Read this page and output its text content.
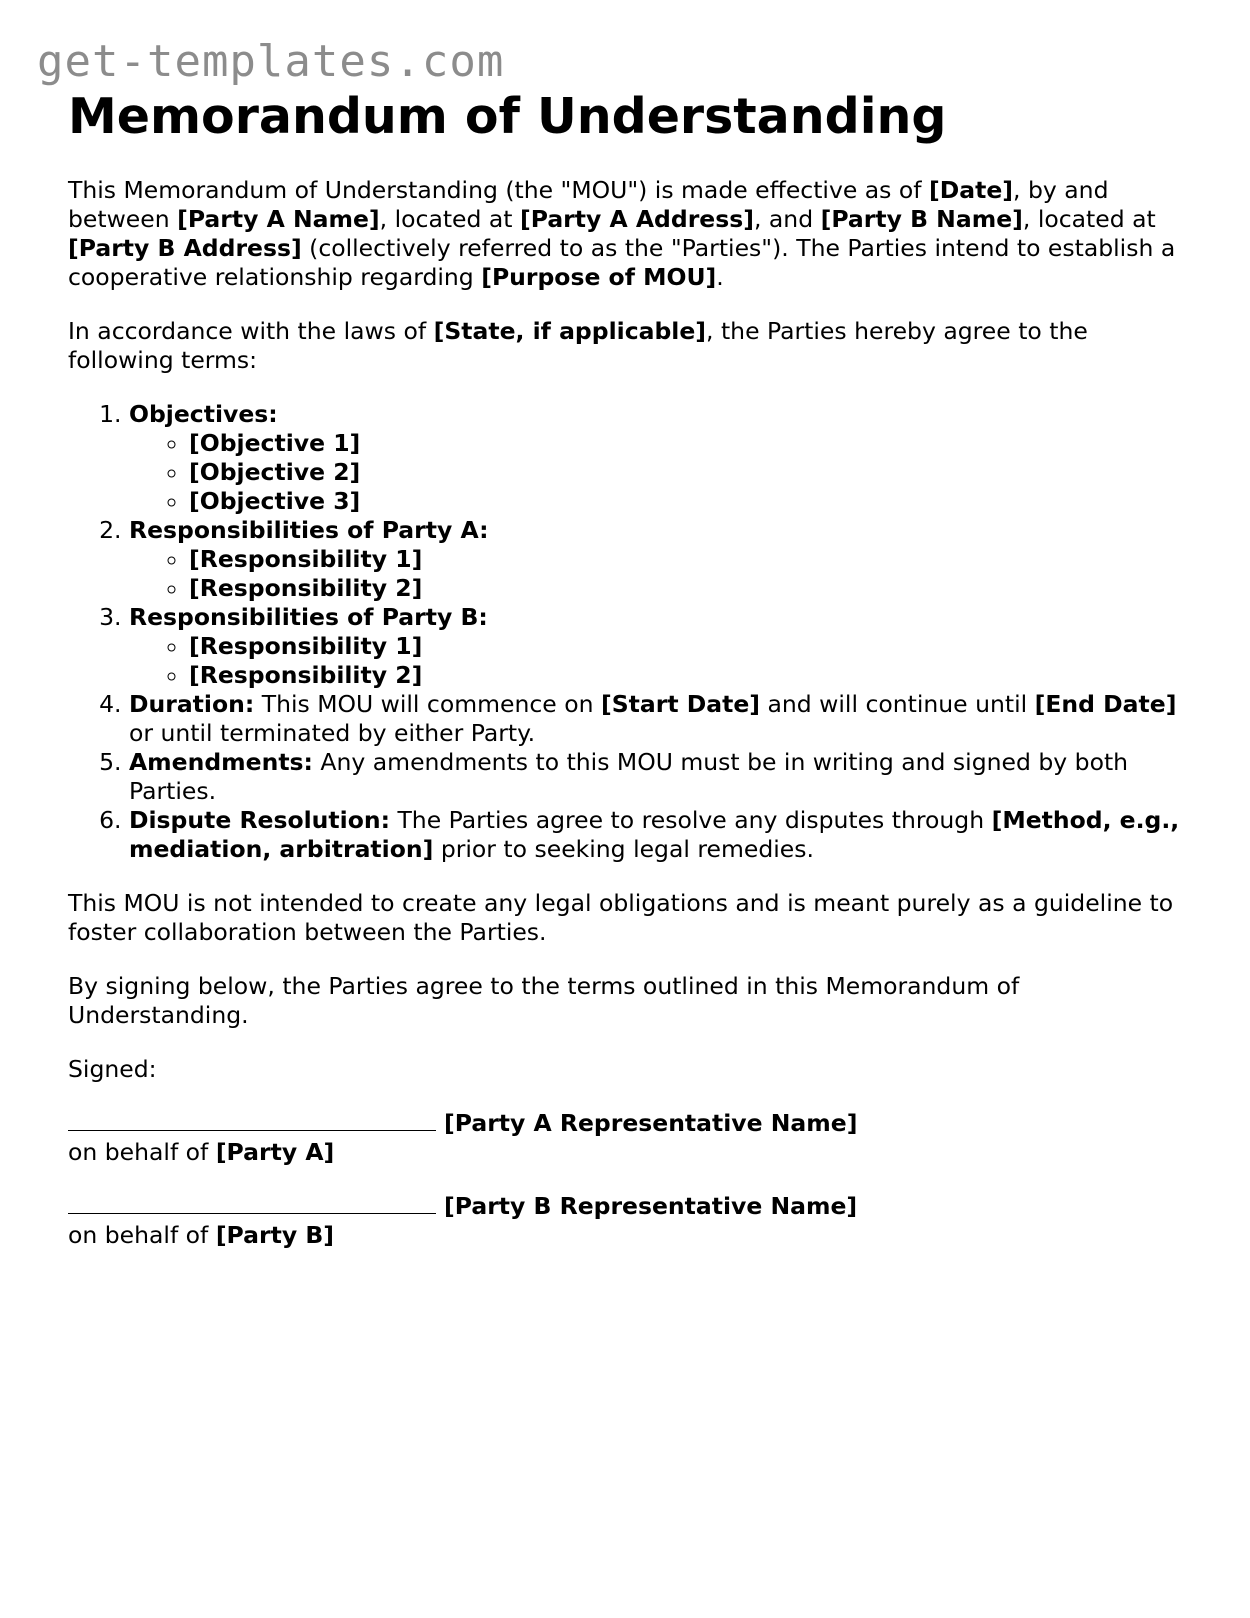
get-templates.com
Memorandum of Understanding

This Memorandum of Understanding (the "MOU") is made effective as of [Date], by and between [Party A Name], located at [Party A Address], and [Party B Name], located at [Party B Address] (collectively referred to as the "Parties"). The Parties intend to establish a cooperative relationship regarding [Purpose of MOU].

In accordance with the laws of [State, if applicable], the Parties hereby agree to the following terms:

1. Objectives:
◦ [Objective 1]
◦ [Objective 2]
◦ [Objective 3]
2. Responsibilities of Party A:
◦ [Responsibility 1]
◦ [Responsibility 2]
3. Responsibilities of Party B:
◦ [Responsibility 1]
◦ [Responsibility 2]
4. Duration: This MOU will commence on [Start Date] and will continue until [End Date] or until terminated by either Party.
5. Amendments: Any amendments to this MOU must be in writing and signed by both Parties.
6. Dispute Resolution: The Parties agree to resolve any disputes through [Method, e.g., mediation, arbitration] prior to seeking legal remedies.

This MOU is not intended to create any legal obligations and is meant purely as a guideline to foster collaboration between the Parties.

By signing below, the Parties agree to the terms outlined in this Memorandum of Understanding.

Signed:

[Party A Representative Name]
on behalf of [Party A]
[Party B Representative Name]
on behalf of [Party B]
